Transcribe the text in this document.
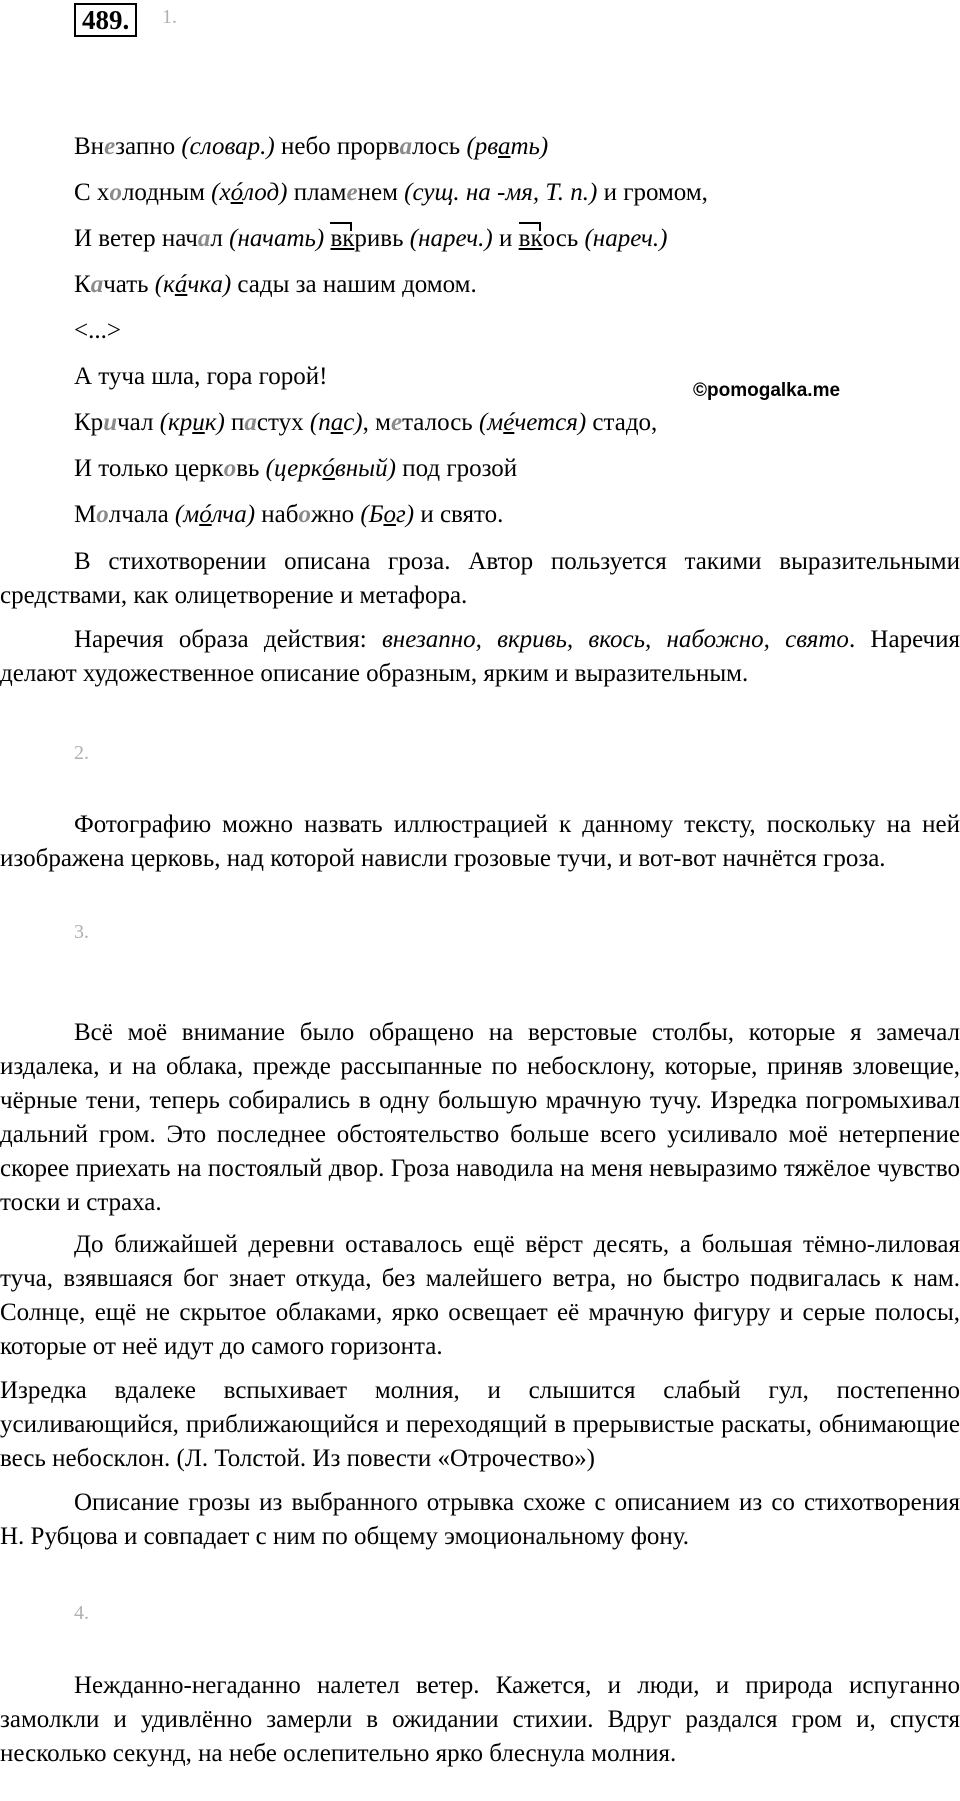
489.	1.
Внезапно (словар.) небо прорвалось (рвать)
С холодным (хóлод) пламенем (сущ. на -мя, Т. п.) и громом,
И ветер начал (начать) вкривь (нареч.) и вкось (нареч.)
Качать (кáчка) сады за нашим домом.
<...>
А туча шла, гора горой!
©pomogalka.me
Кричал (крик) пастух (пас), металось (мéчется) стадо,
И только церковь (церкóвный) под грозой
Молчала (мóлча) набожно (Бог) и свято.
В стихотворении описана гроза. Автор пользуется такими выразительными средствами, как олицетворение и метафора.
Наречия образа действия: внезапно, вкривь, вкось, набожно, свято. Наречия делают художественное описание образным, ярким и выразительным.
2.
Фотографию можно назвать иллюстрацией к данному тексту, поскольку на ней изображена церковь, над которой нависли грозовые тучи, и вот-вот начнётся гроза.
3.
Всё моё внимание было обращено на верстовые столбы, которые я замечал издалека, и на облака, прежде рассыпанные по небосклону, которые, приняв зловещие, чёрные тени, теперь собирались в одну большую мрачную тучу. Изредка погромыхивал дальний гром. Это последнее обстоятельство больше всего усиливало моё нетерпение скорее приехать на постоялый двор. Гроза наводила на меня невыразимо тяжёлое чувство тоски и страха.
До ближайшей деревни оставалось ещё вёрст десять, а большая тёмно-лиловая туча, взявшаяся бог знает откуда, без малейшего ветра, но быстро подвигалась к нам. Солнце, ещё не скрытое облаками, ярко освещает её мрачную фигуру и серые полосы, которые от неё идут до самого горизонта.
Изредка вдалеке вспыхивает молния, и слышится слабый гул, постепенно усиливающийся, приближающийся и переходящий в прерывистые раскаты, обнимающие весь небосклон. (Л. Толстой. Из повести «Отрочество»)
Описание грозы из выбранного отрывка схоже с описанием из со стихотворения Н. Рубцова и совпадает с ним по общему эмоциональному фону.
4.
Нежданно-негаданно налетел ветер. Кажется, и люди, и природа испуганно замолкли и удивлённо замерли в ожидании стихии. Вдруг раздался гром и, спустя несколько секунд, на небе ослепительно ярко блеснула молния.
